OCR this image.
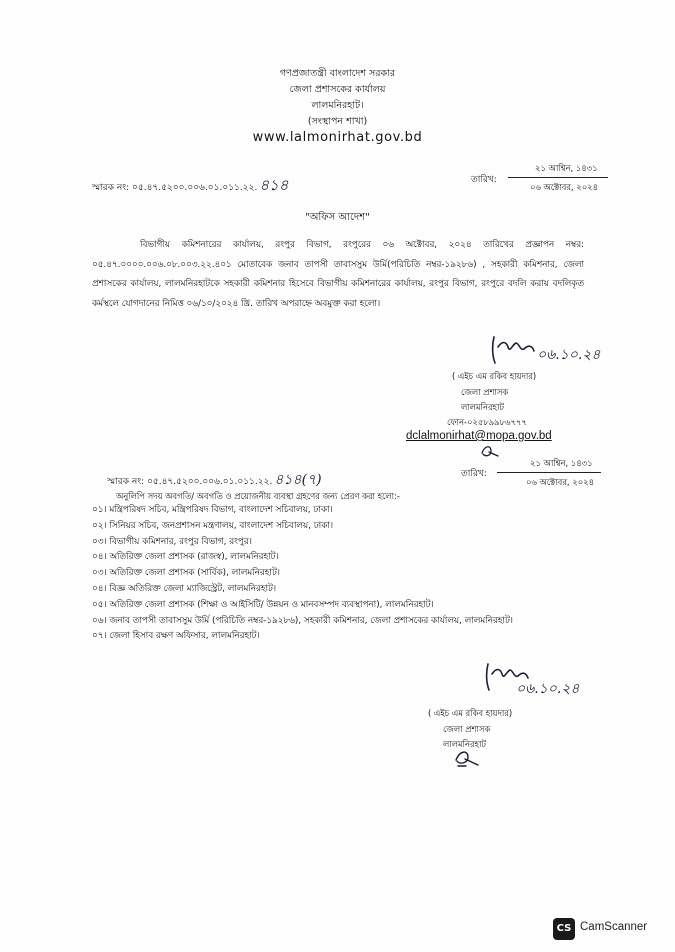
গণপ্রজাতন্ত্রী বাংলাদেশ সরকার
জেলা প্রশাসকের কার্যালয়
লালমনিরহাট।
(সংস্থাপন শাখা)
www.lalmonirhat.gov.bd
স্মারক নং: ০৫.৪৭.৫২০০.০০৬.০১.০১১.২২. ৪১৪	তারিখ:
২১ আশ্বিন, ১৪৩১
০৬ অক্টোবর, ২০২৪
"অফিস আদেশ"
বিভাগীয় কমিশনারের কার্যালয়, রংপুর বিভাগ, রংপুরের ০৬ অক্টোবর, ২০২৪ তারিখের প্রজ্ঞাপন নম্বর: ০৫.৪৭.০০০০.০০৬.০৮.০০৩.২২.৪০১ মোতাবেক জনাব তাপসী তাবাসসুম উর্মি(পরিচিতি নম্বর-১৯২৮৬) , সহকারী কমিশনার, জেলা প্রশাসকের কার্যালয়, লালমনিরহাটকে সহকারী কমিশনার হিসেবে বিভাগীয় কমিশনারের কার্যালয়, রংপুর বিভাগ, রংপুরে বদলি করায় বদলিকৃত কর্মস্থলে যোগদানের নিমিত্ত ০৬/১০/২০২৪ খ্রি. তারিখ অপরাহ্নে অবমুক্ত করা হলো।
০৬.১০.২৪
( এইচ এম রকিব হায়দার)
জেলা প্রশাসক
লালমনিরহাট
ফোন-০২৫৮৯৯৮৬৭৭৭
dclalmonirhat@mopa.gov.bd
স্মারক নং: ০৫.৪৭.৫২০০.০০৬.০১.০১১.২২. ৪১৪(৭)	তারিখ:
২১ আশ্বিন, ১৪৩১
০৬ অক্টোবর, ২০২৪
অনুলিপি সদয় অবগতি/ অবগতি ও প্রয়োজনীয় ব্যবস্থা গ্রহণের জন্য প্রেরণ করা হলো:-
০১। মন্ত্রিপরিষদ সচিব, মন্ত্রিপরিষদ বিভাগ, বাংলাদেশ সচিবালয়, ঢাকা।
০২। সিনিয়র সচিব, জনপ্রশাসন মন্ত্রণালয়, বাংলাদেশ সচিবালয়, ঢাকা।
০৩। বিভাগীয় কমিশনার, রংপুর বিভাগ, রংপুর।
০৪। অতিরিক্ত জেলা প্রশাসক (রাজস্ব), লালমনিরহাট।
০৩। অতিরিক্ত জেলা প্রশাসক (সার্বিক), লালমনিরহাট।
০৪। বিজ্ঞ অতিরিক্ত জেলা ম্যাজিস্ট্রেট, লালমনিরহাট।
০৫। অতিরিক্ত জেলা প্রশাসক (শিক্ষা ও আইসিটি/ উন্নয়ন ও মানবসম্পদ ব্যবস্থাপনা), লালমনিরহাট।
০৬। জনাব তাপসী তাবাসসুম উর্মি (পরিচিতি নম্বর-১৯২৮৬), সহকারী কমিশনার, জেলা প্রশাসকের কার্যালয়, লালমনিরহাট।
০৭। জেলা হিসাব রক্ষণ অফিসার, লালমনিরহাট।
০৬.১০.২৪
( এইচ এম রকিব হায়দার)
জেলা প্রশাসক
লালমনিরহাট
CS CamScanner
